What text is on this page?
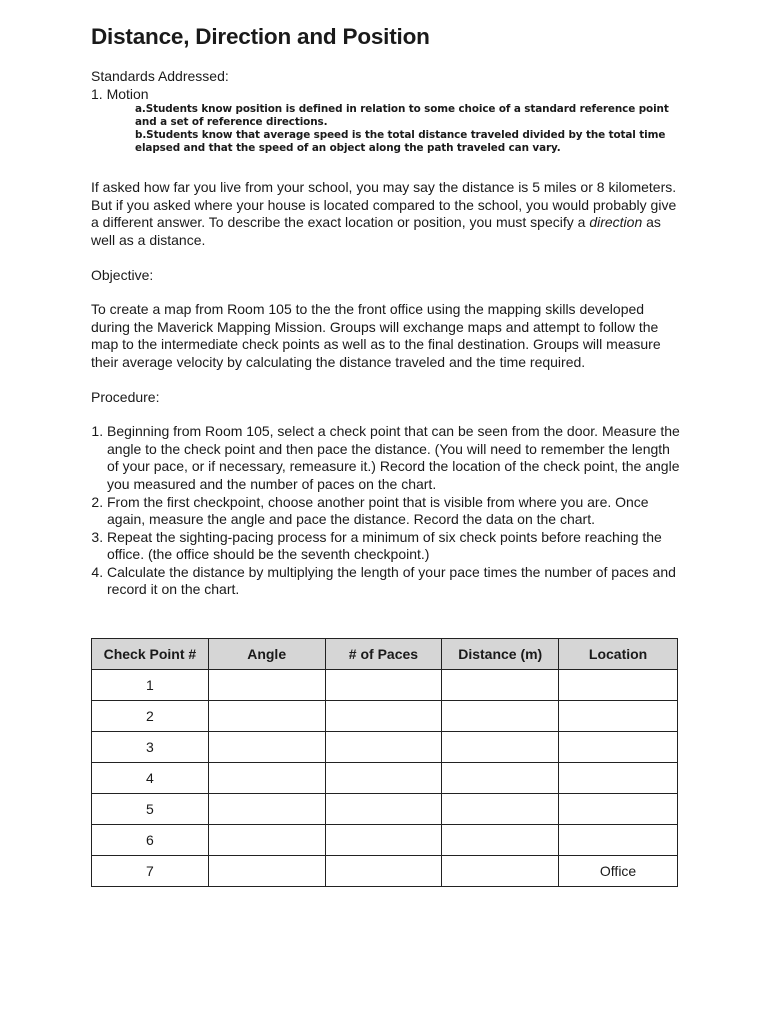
Distance, Direction and Position
Standards Addressed:
1. Motion

a.Students know position is defined in relation to some choice of a standard reference point and a set of reference directions.

b.Students know that average speed is the total distance traveled divided by the total time elapsed and that the speed of an object along the path traveled can vary.

If asked how far you live from your school, you may say the distance is 5 miles or 8 kilometers. But if you asked where your house is located compared to the school, you would probably give a different answer. To describe the exact location or position, you must specify a direction as well as a distance.
Objective:
To create a map from Room 105 to the the front office using the mapping skills developed during the Maverick Mapping Mission. Groups will exchange maps and attempt to follow the map to the intermediate check points as well as to the final destination. Groups will measure their average velocity by calculating the distance traveled and the time required.
Procedure:
1. Beginning from Room 105, select a check point that can be seen from the door. Measure the angle to the check point and then pace the distance. (You will need to remember the length of your pace, or if necessary, remeasure it.) Record the location of the check point, the angle you measured and the number of paces on the chart.
2. From the first checkpoint, choose another point that is visible from where you are. Once again, measure the angle and pace the distance. Record the data on the chart.
3. Repeat the sighting-pacing process for a minimum of six check points before reaching the office. (the office should be the seventh checkpoint.)
4. Calculate the distance by multiplying the length of your pace times the number of paces and record it on the chart.
Check Point #	Angle	# of Paces	Distance (m)	Location
1				
2				
3				
4				
5				
6				
7				Office
